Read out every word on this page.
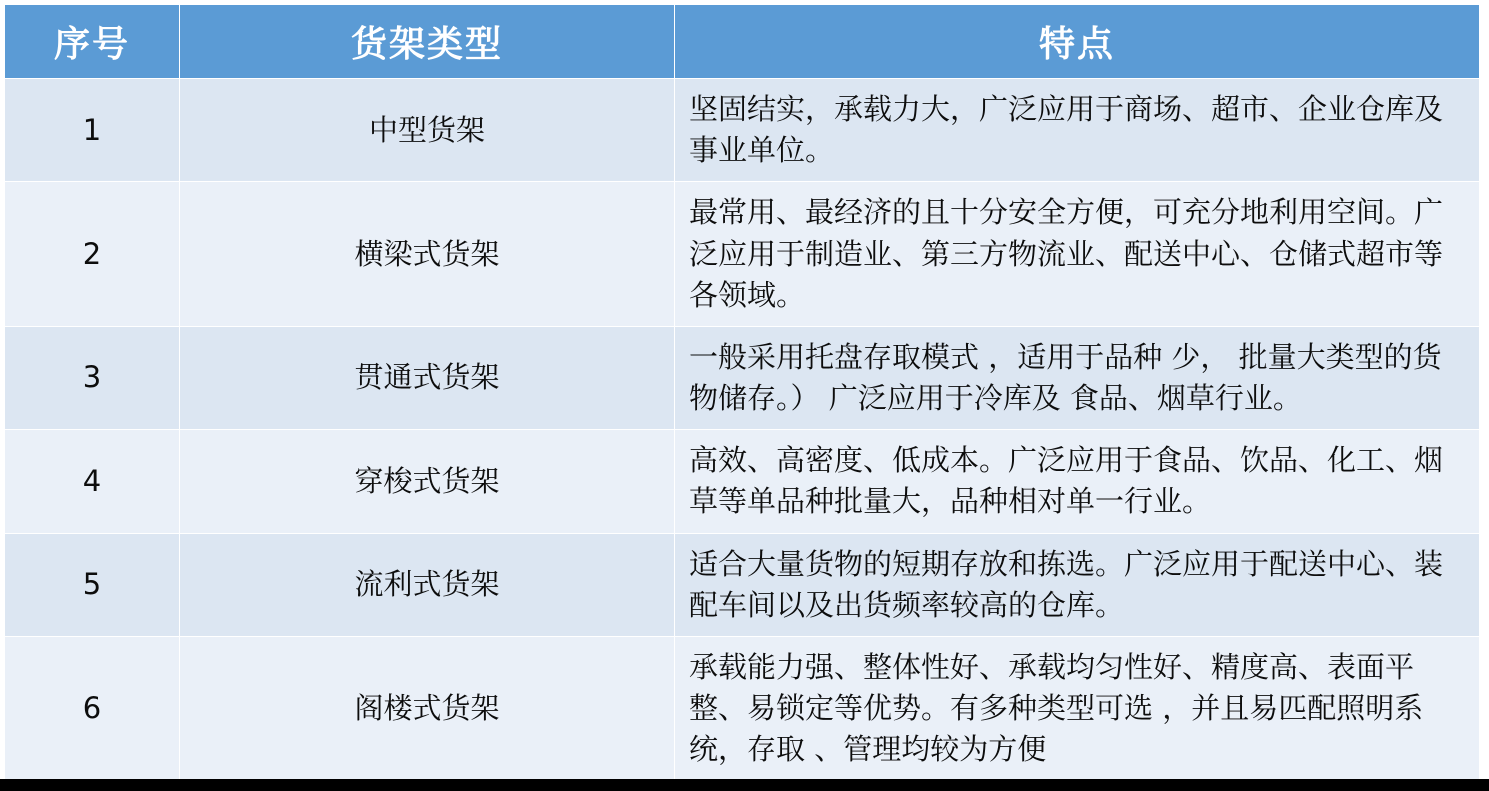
序号	货架类型	特点
1	中型货架	坚固结实，承载力大，广泛应用于商场、超市、企业仓库及事业单位。
2	横梁式货架	最常用、最经济的且十分安全方便，可充分地利用空间。广泛应用于制造业、第三方物流业、配送中心、仓储式超市等各领域。
3	贯通式货架	一般采用托盘存取模式 ，适用于品种 少， 批量大类型的货物储存。） 广泛应用于冷库及 食品、烟草行业。
4	穿梭式货架	高效、高密度、低成本。广泛应用于食品、饮品、化工、烟草等单品种批量大，品种相对单一行业。
5	流利式货架	适合大量货物的短期存放和拣选。广泛应用于配送中心、装配车间以及出货频率较高的仓库。
6	阁楼式货架	承载能力强、整体性好、承载均匀性好、精度高、表面平整、易锁定等优势。有多种类型可选 ，并且易匹配照明系统，存取 、管理均较为方便
